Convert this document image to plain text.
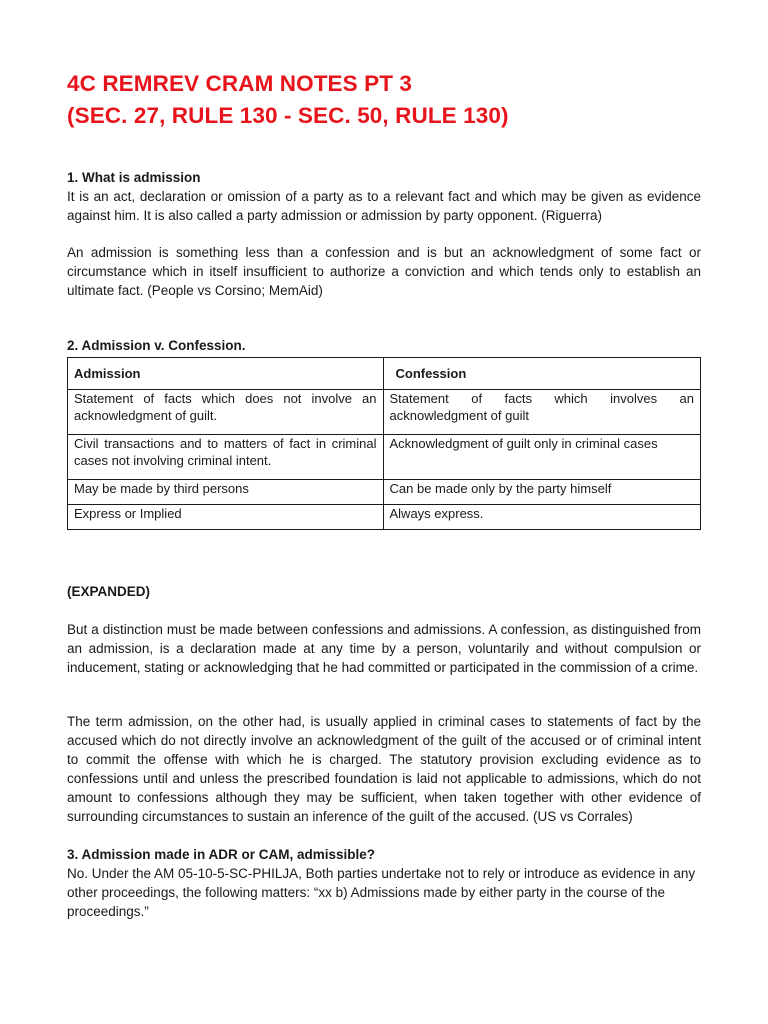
4C REMREV CRAM NOTES PT 3
(SEC. 27, RULE 130 - SEC. 50, RULE 130)
1. What is admission

It is an act, declaration or omission of a party as to a relevant fact and which may be given as evidence against him. It is also called a party admission or admission by party opponent. (Riguerra)

An admission is something less than a confession and is but an acknowledgment of some fact or circumstance which in itself insufficient to authorize a conviction and which tends only to establish an ultimate fact. (People vs Corsino; MemAid)

2. Admission v. Confession.
Admission	Confession
Statement of facts which does not involve an acknowledgment of guilt.	Statement of facts which involves an acknowledgment of guilt
Civil transactions and to matters of fact in criminal cases not involving criminal intent.	Acknowledgment of guilt only in criminal cases
May be made by third persons	Can be made only by the party himself
Express or Implied	Always express.
(EXPANDED)

But a distinction must be made between confessions and admissions. A confession, as distinguished from an admission, is a declaration made at any time by a person, voluntarily and without compulsion or inducement, stating or acknowledging that he had committed or participated in the commission of a crime.

The term admission, on the other had, is usually applied in criminal cases to statements of fact by the accused which do not directly involve an acknowledgment of the guilt of the accused or of criminal intent to commit the offense with which he is charged. The statutory provision excluding evidence as to confessions until and unless the prescribed foundation is laid not applicable to admissions, which do not amount to confessions although they may be sufficient, when taken together with other evidence of surrounding circumstances to sustain an inference of the guilt of the accused. (US vs Corrales)

3. Admission made in ADR or CAM, admissible?

No. Under the AM 05-10-5-SC-PHILJA, Both parties undertake not to rely or introduce as evidence in any other proceedings, the following matters: “xx b) Admissions made by either party in the course of the proceedings.”
